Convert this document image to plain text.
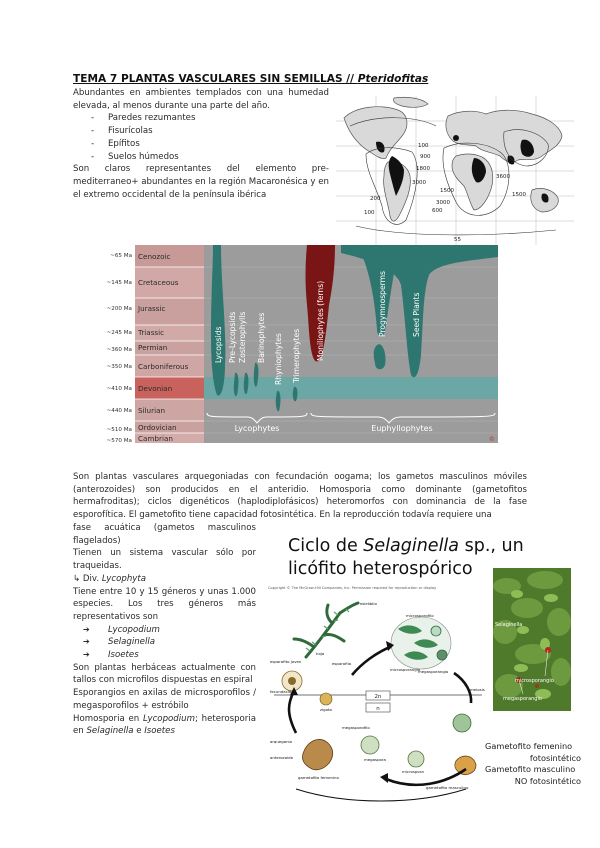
TEMA 7 PLANTAS VASCULARES SIN SEMILLAS // Pteridofitas

Abundantes en ambientes templados con una humedad elevada, al menos durante una parte del año.

- Paredes rezumantes
- Fisurícolas
- Epífitos
- Suelos húmedos

Son claros representantes del elemento pre-mediterraneo+ abundantes en la región Macaronésica y en el extremo occidental de la península ibérica

100
900
1800
3000
3000
3600
1500
1500
600
200
100
55
~65 Ma
~145 Ma
~200 Ma
~245 Ma
~360 Ma
~350 Ma
~410 Ma
~440 Ma
~510 Ma
~570 Ma
Cenozoic
Cretaceous
Jurassic
Triassic
Permian
Carboniferous
Devonian
Silurian
Ordovician
Cambrian
Lycopsids Pre-Lycopsids Zosterophylls Barinophytes Rhyniophytes Trimerophytes Moniliophytes (ferns)	Progymnosperms	Seed Plants
Lycophytes	Euphyllophytes
©

Son plantas vasculares arquegoniadas con fecundación oogama; los gametos masculinos móviles (anterozoides) son producidos en el anteridio. Homosporia como dominante (gametofitos hermafroditas); ciclos digenéticos (haplodiplofásicos) heteromorfos con dominancia de la fase esporofítica. El gametofito tiene capacidad fotosintética. En la reproducción todavía requiere una

fase acuática (gametos masculinos flagelados)

Tienen un sistema vascular sólo por traqueidas.

↳ Div. Lycophyta

Tiene entre 10 y 15 géneros y unas 1.000 especies. Los tres géneros más representativos son

➔ Lycopodium
➔ Selaginella
➔ Isoetes

Son plantas herbáceas actualmente con tallos con microfilos dispuestas en espiral

Esporangios en axilas de microsporofilos / megasporofilos + estróbilo

Homosporia en Lycopodium; heterosporia en Selaginella e Isoetes

Ciclo de Selaginella sp., un
licófito heterospórico
Copyright © The McGraw-Hill Companies, Inc. Permission required for reproduction or display
2n
n
estróbilo
esporofito joven
hoja
esporofilo
microsporofilo
microsporangio
megasporangio
zigoto
megasporofilo
megaspora
microspora
gametofito femenino
gametofito masculino
anterozoide
arquegonio
fecundación	meiosis
Selaginella
microsporangio
megasporangio
Gametofito femenino

fotosintético
Gametofito masculino

NO fotosintético
